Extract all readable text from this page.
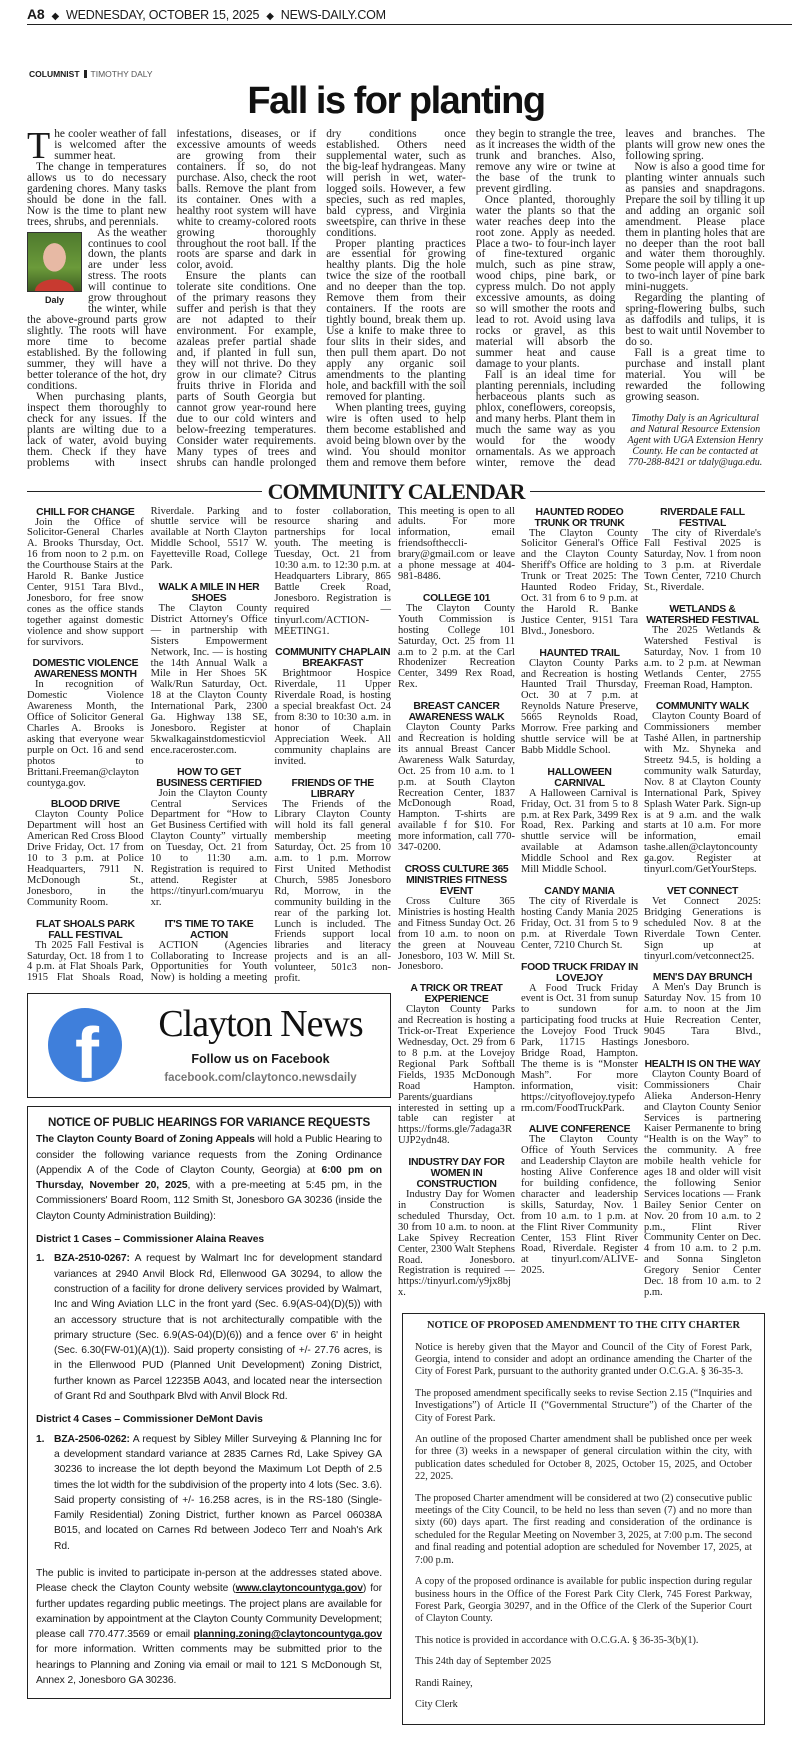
A8 ◆ WEDNESDAY, OCTOBER 15, 2025 ◆ NEWS-DAILY.COM
COLUMNIST TIMOTHY DALY
Fall is for planting

The cooler weather of fall is welcomed after the summer heat.

The change in temperatures allows us to do necessary gardening chores. Many tasks should be done in the fall. Now is the time to plant new trees, shrubs, and perennials.

Daly

As the weather continues to cool down, the plants are under less stress. The roots will continue to grow throughout the winter, while the above-ground parts grow slightly. The roots will have more time to become established. By the following summer, they will have a better tolerance of the hot, dry conditions.

When purchasing plants, inspect them thoroughly to check for any issues. If the plants are wilting due to a lack of water, avoid buying them. Check if they have problems with insect infestations, diseases, or if excessive amounts of weeds are growing from their containers. If so, do not purchase. Also, check the root balls. Remove the plant from its container. Ones with a healthy root system will have white to creamy-colored roots growing thoroughly throughout the root ball. If the roots are sparse and dark in color, avoid.

Ensure the plants can tolerate site conditions. One of the primary reasons they suffer and perish is that they are not adapted to their environment. For example, azaleas prefer partial shade and, if planted in full sun, they will not thrive. Do they grow in our climate? Citrus fruits thrive in Florida and parts of South Georgia but cannot grow year-round here due to our cold winters and below-freezing temperatures. Consider water requirements. Many types of trees and shrubs can handle prolonged dry conditions once established. Others need supplemental water, such as the big-leaf hydrangeas. Many will perish in wet, water-logged soils. However, a few species, such as red maples, bald cypress, and Virginia sweetspire, can thrive in these conditions.

Proper planting practices are essential for growing healthy plants. Dig the hole twice the size of the rootball and no deeper than the top. Remove them from their containers. If the roots are tightly bound, break them up. Use a knife to make three to four slits in their sides, and then pull them apart. Do not apply any organic soil amendments to the planting hole, and backfill with the soil removed for planting.

When planting trees, guying wire is often used to help them become established and avoid being blown over by the wind. You should monitor them and remove them before they begin to strangle the tree, as it increases the width of the trunk and branches. Also, remove any wire or twine at the base of the trunk to prevent girdling.

Once planted, thoroughly water the plants so that the water reaches deep into the root zone. Apply as needed. Place a two- to four-inch layer of fine-textured organic mulch, such as pine straw, wood chips, pine bark, or cypress mulch. Do not apply excessive amounts, as doing so will smother the roots and lead to rot. Avoid using lava rocks or gravel, as this material will absorb the summer heat and cause damage to your plants.

Fall is an ideal time for planting perennials, including herbaceous plants such as phlox, coneflowers, coreopsis, and many herbs. Plant them in much the same way as you would for the woody ornamentals. As we approach winter, remove the dead leaves and branches. The plants will grow new ones the following spring.

Now is also a good time for planting winter annuals such as pansies and snapdragons. Prepare the soil by tilling it up and adding an organic soil amendment. Please place them in planting holes that are no deeper than the root ball and water them thoroughly. Some people will apply a one- to two-inch layer of pine bark mini-nuggets.

Regarding the planting of spring-flowering bulbs, such as daffodils and tulips, it is best to wait until November to do so.

Fall is a great time to purchase and install plant material. You will be rewarded the following growing season.

Timothy Daly is an Agricultural and Natural Resource Extension Agent with UGA Extension Henry County. He can be contacted at 770-288-8421 or tdaly@uga.edu.

COMMUNITY CALENDAR
CHILL FOR CHANGE

Join the Office of Solicitor-General Charles A. Brooks Thursday, Oct. 16 from noon to 2 p.m. on the Courthouse Stairs at the Harold R. Banke Justice Center, 9151 Tara Blvd., Jonesboro, for free snow cones as the office stands together against domestic violence and show support for survivors.

DOMESTIC VIOLENCE AWARENESS MONTH

In recognition of Domestic Violence Awareness Month, the Office of Solicitor General Charles A. Brooks is asking that everyone wear purple on Oct. 16 and send photos to Brittani.Freeman@claytoncountyga.gov.

BLOOD DRIVE

Clayton County Police Department will host an American Red Cross Blood Drive Friday, Oct. 17 from 10 to 3 p.m. at Police Headquarters, 7911 N. McDonough St., Jonesboro, in the Community Room.

FLAT SHOALS PARK FALL FESTIVAL

Th 2025 Fall Festival is Saturday, Oct. 18 from 1 to 4 p.m. at Flat Shoals Park, 1915 Flat Shoals Road, Riverdale. Parking and shuttle service will be available at North Clayton Middle School, 5517 W. Fayetteville Road, College Park.

WALK A MILE IN HER SHOES

The Clayton County District Attorney's Office — in partnership with Sisters Empowerment Network, Inc. — is hosting the 14th Annual Walk a Mile in Her Shoes 5K Walk/Run Saturday, Oct. 18 at the Clayton County International Park, 2300 Ga. Highway 138 SE, Jonesboro. Register at 5kwalkagainstdomesticviolence.raceroster.com.

HOW TO GET BUSINESS CERTIFIED

Join the Clayton County Central Services Department for “How to Get Business Certified with Clayton County” virtually on Tuesday, Oct. 21 from 10 to 11:30 a.m. Registration is required to attend. Register at https://tinyurl.com/muaryuxr.

IT'S TIME TO TAKE ACTION

ACTION (Agencies Collaborating to Increase Opportunities for Youth Now) is holding a meeting to foster collaboration, resource sharing and partnerships for local youth. The meeting is Tuesday, Oct. 21 from 10:30 a.m. to 12:30 p.m. at Headquarters Library, 865 Battle Creek Road, Jonesboro. Registration is required — tinyurl.com/ACTION-MEETING1.

COMMUNITY CHAPLAIN BREAKFAST

Brightmoor Hospice Riverdale, 11 Upper Riverdale Road, is hosting a special breakfast Oct. 24 from 8:30 to 10:30 a.m. in honor of Chaplain Appreciation Week. All community chaplains are invited.

FRIENDS OF THE LIBRARY

The Friends of the Library Clayton County will hold its fall general membership meeting Saturday, Oct. 25 from 10 a.m. to 1 p.m. Morrow First United Methodist Church, 5985 Jonesboro Rd, Morrow, in the community building in the rear of the parking lot. Lunch is included. The Friends support local libraries and literacy projects and is an all-volunteer, 501c3 non-profit.

f	Clayton News
Follow us on Facebook
facebook.com/claytonco.newsdaily
NOTICE OF PUBLIC HEARINGS FOR VARIANCE REQUESTS

The Clayton County Board of Zoning Appeals will hold a Public Hearing to consider the following variance requests from the Zoning Ordinance (Appendix A of the Code of Clayton County, Georgia) at 6:00 pm on Thursday, November 20, 2025, with a pre-meeting at 5:45 pm, in the Commissioners' Board Room, 112 Smith St, Jonesboro GA 30236 (inside the Clayton County Administration Building):

District 1 Cases – Commissioner Alaina Reaves
1. BZA-2510-0267: A request by Walmart Inc for development standard variances at 2940 Anvil Block Rd, Ellenwood GA 30294, to allow the construction of a facility for drone delivery services provided by Walmart, Inc and Wing Aviation LLC in the front yard (Sec. 6.9(AS-04)(D)(5)) with an accessory structure that is not architecturally compatible with the primary structure (Sec. 6.9(AS-04)(D)(6)) and a fence over 6' in height (Sec. 6.30(FW-01)(A)(1)). Said property consisting of +/- 27.76 acres, is in the Ellenwood PUD (Planned Unit Development) Zoning District, further known as Parcel 12235B A043, and located near the intersection of Grant Rd and Southpark Blvd with Anvil Block Rd.
District 4 Cases – Commissioner DeMont Davis
1. BZA-2506-0262: A request by Sibley Miller Surveying & Planning Inc for a development standard variance at 2835 Carnes Rd, Lake Spivey GA 30236 to increase the lot depth beyond the Maximum Lot Depth of 2.5 times the lot width for the subdivision of the property into 4 lots (Sec. 3.6). Said property consisting of +/- 16.258 acres, is in the RS-180 (Single-Family Residential) Zoning District, further known as Parcel 06038A B015, and located on Carnes Rd between Jodeco Terr and Noah's Ark Rd.

The public is invited to participate in-person at the addresses stated above. Please check the Clayton County website (www.claytoncountyga.gov) for further updates regarding public meetings. The project plans are available for examination by appointment at the Clayton County Community Development; please call 770.477.3569 or email planning.zoning@claytoncountyga.gov for more information. Written comments may be submitted prior to the hearings to Planning and Zoning via email or mail to 121 S McDonough St, Annex 2, Jonesboro GA 30236.

This meeting is open to all adults. For more information, email friendsoftheccli-brary@gmail.com or leave a phone message at 404-981-8486.

COLLEGE 101

The Clayton County Youth Commission is hosting College 101 Saturday, Oct. 25 from 11 a.m to 2 p.m. at the Carl Rhodenizer Recreation Center, 3499 Rex Road, Rex.

BREAST CANCER AWARENESS WALK

Clayton County Parks and Recreation is holding its annual Breast Cancer Awareness Walk Saturday, Oct. 25 from 10 a.m. to 1 p.m. at South Clayton Recreation Center, 1837 McDonough Road, Hampton. T-shirts are available f for $10. For more information, call 770-347-0200.

CROSS CULTURE 365 MINISTRIES FITNESS EVENT

Cross Culture 365 Ministries is hosting Health and Fitness Sunday Oct. 26 from 10 a.m. to noon on the green at Nouveau Jonesboro, 103 W. Mill St. Jonesboro.

A TRICK OR TREAT EXPERIENCE

Clayton County Parks and Recreation is hosting a Trick-or-Treat Experience Wednesday, Oct. 29 from 6 to 8 p.m. at the Lovejoy Regional Park Softball Fields, 1935 McDonough Road Hampton. Parents/guardians interested in setting up a table can register at https://forms.gle/7adaga3RUJP2ydn48.

INDUSTRY DAY FOR WOMEN IN CONSTRUCTION

Industry Day for Women in Construction is scheduled Thursday, Oct. 30 from 10 a.m. to noon. at Lake Spivey Recreation Center, 2300 Walt Stephens Road. Jonesboro. Registration is required — https://tinyurl.com/y9jx8bjx.

HAUNTED RODEO TRUNK OR TRUNK

The Clayton County Solicitor General's Office and the Clayton County Sheriff's Office are holding Trunk or Treat 2025: The Haunted Rodeo Friday, Oct. 31 from 6 to 9 p.m. at the Harold R. Banke Justice Center, 9151 Tara Blvd., Jonesboro.

HAUNTED TRAIL

Clayton County Parks and Recreation is hosting Haunted Trail Thursday, Oct. 30 at 7 p.m. at Reynolds Nature Preserve, 5665 Reynolds Road, Morrow. Free parking and shuttle service will be at Babb Middle School.

HALLOWEEN CARNIVAL

A Halloween Carnival is Friday, Oct. 31 from 5 to 8 p.m. at Rex Park, 3499 Rex Road, Rex. Parking and shuttle service will be available at Adamson Middle School and Rex Mill Middle School.

CANDY MANIA

The city of Riverdale is hosting Candy Mania 2025 Friday, Oct. 31 from 5 to 9 p.m. at Riverdale Town Center, 7210 Church St.

FOOD TRUCK FRIDAY IN LOVEJOY

A Food Truck Friday event is Oct. 31 from sunup to sundown for participating food trucks at the Lovejoy Food Truck Park, 11715 Hastings Bridge Road, Hampton. The theme is is “Monster Mash”. For more information, visit: https://cityoflovejoy.typeform.com/FoodTruckPark.

ALIVE CONFERENCE

The Clayton County Office of Youth Services and Leadership Clayton are hosting Alive Conference for building confidence, character and leadership skills, Saturday, Nov. 1 from 10 a.m. to 1 p.m. at the Flint River Community Center, 153 Flint River Road, Riverdale. Register at tinyurl.com/ALIVE-2025.

RIVERDALE FALL FESTIVAL

The city of Riverdale's Fall Festival 2025 is Saturday, Nov. 1 from noon to 3 p.m. at Riverdale Town Center, 7210 Church St., Riverdale.

WETLANDS & WATERSHED FESTIVAL

The 2025 Wetlands & Watershed Festival is Saturday, Nov. 1 from 10 a.m. to 2 p.m. at Newman Wetlands Center, 2755 Freeman Road, Hampton.

COMMUNITY WALK

Clayton County Board of Commissioners member Tashé Allen, in partnership with Mz. Shyneka and Streetz 94.5, is holding a community walk Saturday, Nov. 8 at Clayton County International Park, Spivey Splash Water Park. Sign-up is at 9 a.m. and the walk starts at 10 a.m. For more information, email tashe.allen@claytoncountyga.gov. Register at tinyurl.com/GetYourSteps.

VET CONNECT

Vet Connect 2025: Bridging Generations is scheduled Nov. 8 at the Riverdale Town Center. Sign up at tinyurl.com/vetconnect25.

MEN'S DAY BRUNCH

A Men's Day Brunch is Saturday Nov. 15 from 10 a.m. to noon at the Jim Huie Recreation Center, 9045 Tara Blvd., Jonesboro.

HEALTH IS ON THE WAY

Clayton County Board of Commissioners Chair Alieka Anderson-Henry and Clayton County Senior Services is partnering Kaiser Permanente to bring “Health is on the Way” to the community. A free mobile health vehicle for ages 18 and older will visit the following Senior Services locations — Frank Bailey Senior Center on Nov. 20 from 10 a.m. to 2 p.m., Flint River Community Center on Dec. 4 from 10 a.m. to 2 p.m. and Sonna Singleton Gregory Senior Center Dec. 18 from 10 a.m. to 2 p.m.

NOTICE OF PROPOSED AMENDMENT TO THE CITY CHARTER

Notice is hereby given that the Mayor and Council of the City of Forest Park, Georgia, intend to consider and adopt an ordinance amending the Charter of the City of Forest Park, pursuant to the authority granted under O.C.G.A. § 36-35-3.

The proposed amendment specifically seeks to revise Section 2.15 (“Inquiries and Investigations”) of Article II (“Governmental Structure”) of the Charter of the City of Forest Park.

An outline of the proposed Charter amendment shall be published once per week for three (3) weeks in a newspaper of general circulation within the city, with publication dates scheduled for October 8, 2025, October 15, 2025, and October 22, 2025.

The proposed Charter amendment will be considered at two (2) consecutive public meetings of the City Council, to be held no less than seven (7) and no more than sixty (60) days apart. The first reading and consideration of the ordinance is scheduled for the Regular Meeting on November 3, 2025, at 7:00 p.m. The second and final reading and potential adoption are scheduled for November 17, 2025, at 7:00 p.m.

A copy of the proposed ordinance is available for public inspection during regular business hours in the Office of the Forest Park City Clerk, 745 Forest Parkway, Forest Park, Georgia 30297, and in the Office of the Clerk of the Superior Court of Clayton County.

This notice is provided in accordance with O.C.G.A. § 36-35-3(b)(1).

This 24th day of September 2025

Randi Rainey,

City Clerk
